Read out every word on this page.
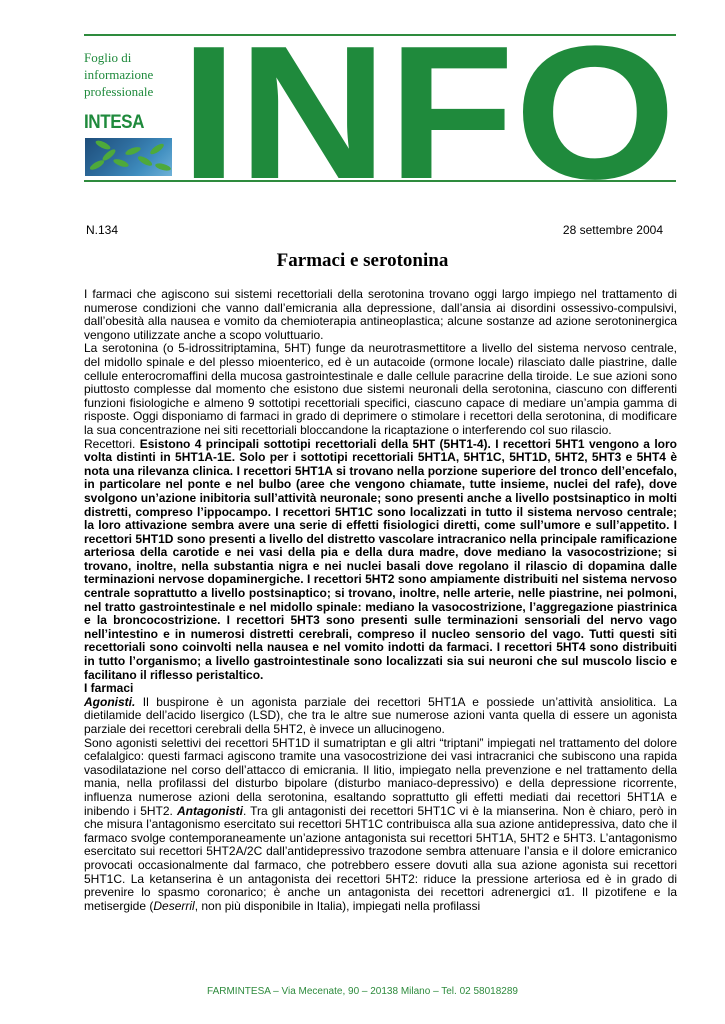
Foglio di
informazione
professionale
INTESA INFO
N.134	28 settembre 2004
Farmaci e serotonina

I farmaci che agiscono sui sistemi recettoriali della serotonina trovano oggi largo impiego nel trattamento di numerose condizioni che vanno dall’emicrania alla depressione, dall’ansia ai disordini ossessivo-compulsivi, dall’obesità alla nausea e vomito da chemioterapia antineoplastica; alcune sostanze ad azione serotoninergica vengono utilizzate anche a scopo voluttuario.

La serotonina (o 5-idrossitriptamina, 5HT) funge da neurotrasmettitore a livello del sistema nervoso centrale, del midollo spinale e del plesso mioenterico, ed è un autacoide (ormone locale) rilasciato dalle piastrine, dalle cellule enterocromaffini della mucosa gastrointestinale e dalle cellule paracrine della tiroide. Le sue azioni sono piuttosto complesse dal momento che esistono due sistemi neuronali della serotonina, ciascuno con differenti funzioni fisiologiche e almeno 9 sottotipi recettoriali specifici, ciascuno capace di mediare un’ampia gamma di risposte. Oggi disponiamo di farmaci in grado di deprimere o stimolare i recettori della serotonina, di modificare la sua concentrazione nei siti recettoriali bloccandone la ricaptazione o interferendo col suo rilascio.

Recettori. Esistono 4 principali sottotipi recettoriali della 5HT (5HT1-4). I recettori 5HT1 vengono a loro volta distinti in 5HT1A-1E. Solo per i sottotipi recettoriali 5HT1A, 5HT1C, 5HT1D, 5HT2, 5HT3 e 5HT4 è nota una rilevanza clinica. I recettori 5HT1A si trovano nella porzione superiore del tronco dell’encefalo, in particolare nel ponte e nel bulbo (aree che vengono chiamate, tutte insieme, nuclei del rafe), dove svolgono un’azione inibitoria sull’attività neuronale; sono presenti anche a livello postsinaptico in molti distretti, compreso l’ippocampo. I recettori 5HT1C sono localizzati in tutto il sistema nervoso centrale; la loro attivazione sembra avere una serie di effetti fisiologici diretti, come sull’umore e sull’appetito. I recettori 5HT1D sono presenti a livello del distretto vascolare intracranico nella principale ramificazione arteriosa della carotide e nei vasi della pia e della dura madre, dove mediano la vasocostrizione; si trovano, inoltre, nella substantia nigra e nei nuclei basali dove regolano il rilascio di dopamina dalle terminazioni nervose dopaminergiche. I recettori 5HT2 sono ampiamente distribuiti nel sistema nervoso centrale soprattutto a livello postsinaptico; si trovano, inoltre, nelle arterie, nelle piastrine, nei polmoni, nel tratto gastrointestinale e nel midollo spinale: mediano la vasocostrizione, l’aggregazione piastrinica e la broncocostrizione. I recettori 5HT3 sono presenti sulle terminazioni sensoriali del nervo vago nell’intestino e in numerosi distretti cerebrali, compreso il nucleo sensorio del vago. Tutti questi siti recettoriali sono coinvolti nella nausea e nel vomito indotti da farmaci. I recettori 5HT4 sono distribuiti in tutto l’organismo; a livello gastrointestinale sono localizzati sia sui neuroni che sul muscolo liscio e facilitano il riflesso peristaltico.

I farmaci

Agonisti. Il buspirone è un agonista parziale dei recettori 5HT1A e possiede un’attività ansiolitica. La dietilamide dell’acido lisergico (LSD), che tra le altre sue numerose azioni vanta quella di essere un agonista parziale dei recettori cerebrali della 5HT2, è invece un allucinogeno.

Sono agonisti selettivi dei recettori 5HT1D il sumatriptan e gli altri “triptani” impiegati nel trattamento del dolore cefalalgico: questi farmaci agiscono tramite una vasocostrizione dei vasi intracranici che subiscono una rapida vasodilatazione nel corso dell’attacco di emicrania. Il litio, impiegato nella prevenzione e nel trattamento della mania, nella profilassi del disturbo bipolare (disturbo maniaco-depressivo) e della depressione ricorrente, influenza numerose azioni della serotonina, esaltando soprattutto gli effetti mediati dai recettori 5HT1A e inibendo i 5HT2. Antagonisti. Tra gli antagonisti dei recettori 5HT1C vi è la mianserina. Non è chiaro, però in che misura l’antagonismo esercitato sui recettori 5HT1C contribuisca alla sua azione antidepressiva, dato che il farmaco svolge contemporaneamente un’azione antagonista sui recettori 5HT1A, 5HT2 e 5HT3. L’antagonismo esercitato sui recettori 5HT2A/2C dall’antidepressivo trazodone sembra attenuare l’ansia e il dolore emicranico provocati occasionalmente dal farmaco, che potrebbero essere dovuti alla sua azione agonista sui recettori 5HT1C. La ketanserina è un antagonista dei recettori 5HT2: riduce la pressione arteriosa ed è in grado di prevenire lo spasmo coronarico; è anche un antagonista dei recettori adrenergici α1. Il pizotifene e la metisergide (Deserril, non più disponibile in Italia), impiegati nella profilassi

FARMINTESA – Via Mecenate, 90 – 20138 Milano – Tel. 02 58018289
